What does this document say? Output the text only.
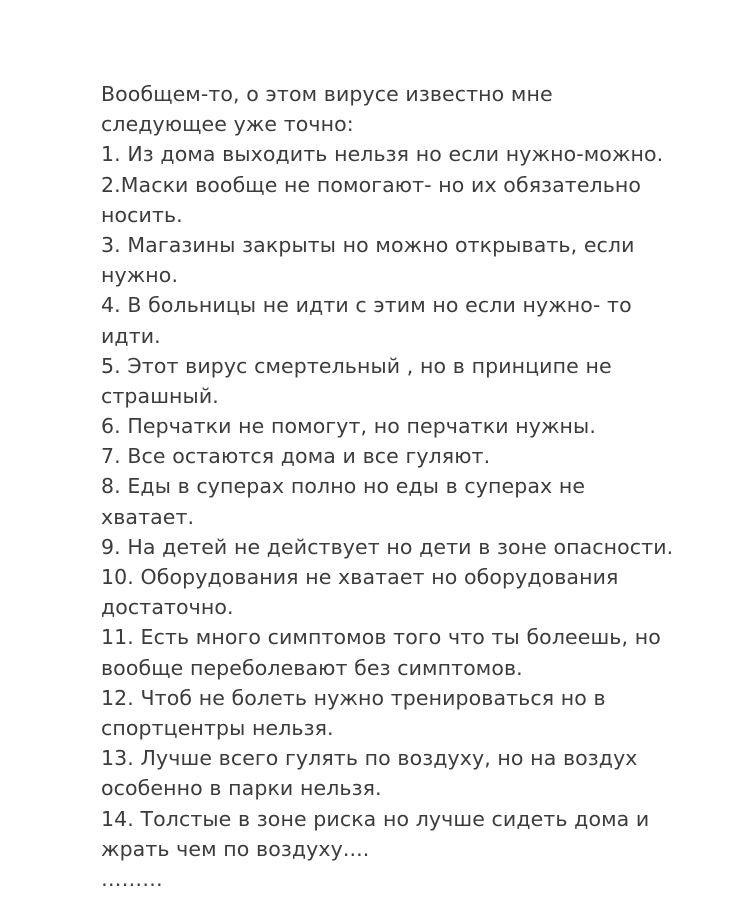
Вообщем-то, о этом вирусе известно мне
следующее уже точно:
1. Из дома выходить нельзя но если нужно-можно.
2.Маски вообще не помогают- но их обязательно
носить.
3. Магазины закрыты но можно открывать, если
нужно.
4. В больницы не идти с этим но если нужно- то
идти.
5. Этот вирус смертельный , но в принципе не
страшный.
6. Перчатки не помогут, но перчатки нужны.
7. Все остаются дома и все гуляют.
8. Еды в суперах полно но еды в суперах не
хватает.
9. На детей не действует но дети в зоне опасности.
10. Оборудования не хватает но оборудования
достаточно.
11. Есть много симптомов того что ты болеешь, но
вообще переболевают без симптомов.
12. Чтоб не болеть нужно тренироваться но в
спортцентры нельзя.
13. Лучше всего гулять по воздуху, но на воздух
особенно в парки нельзя.
14. Толстые в зоне риска но лучше сидеть дома и
жрать чем по воздуху....
………
